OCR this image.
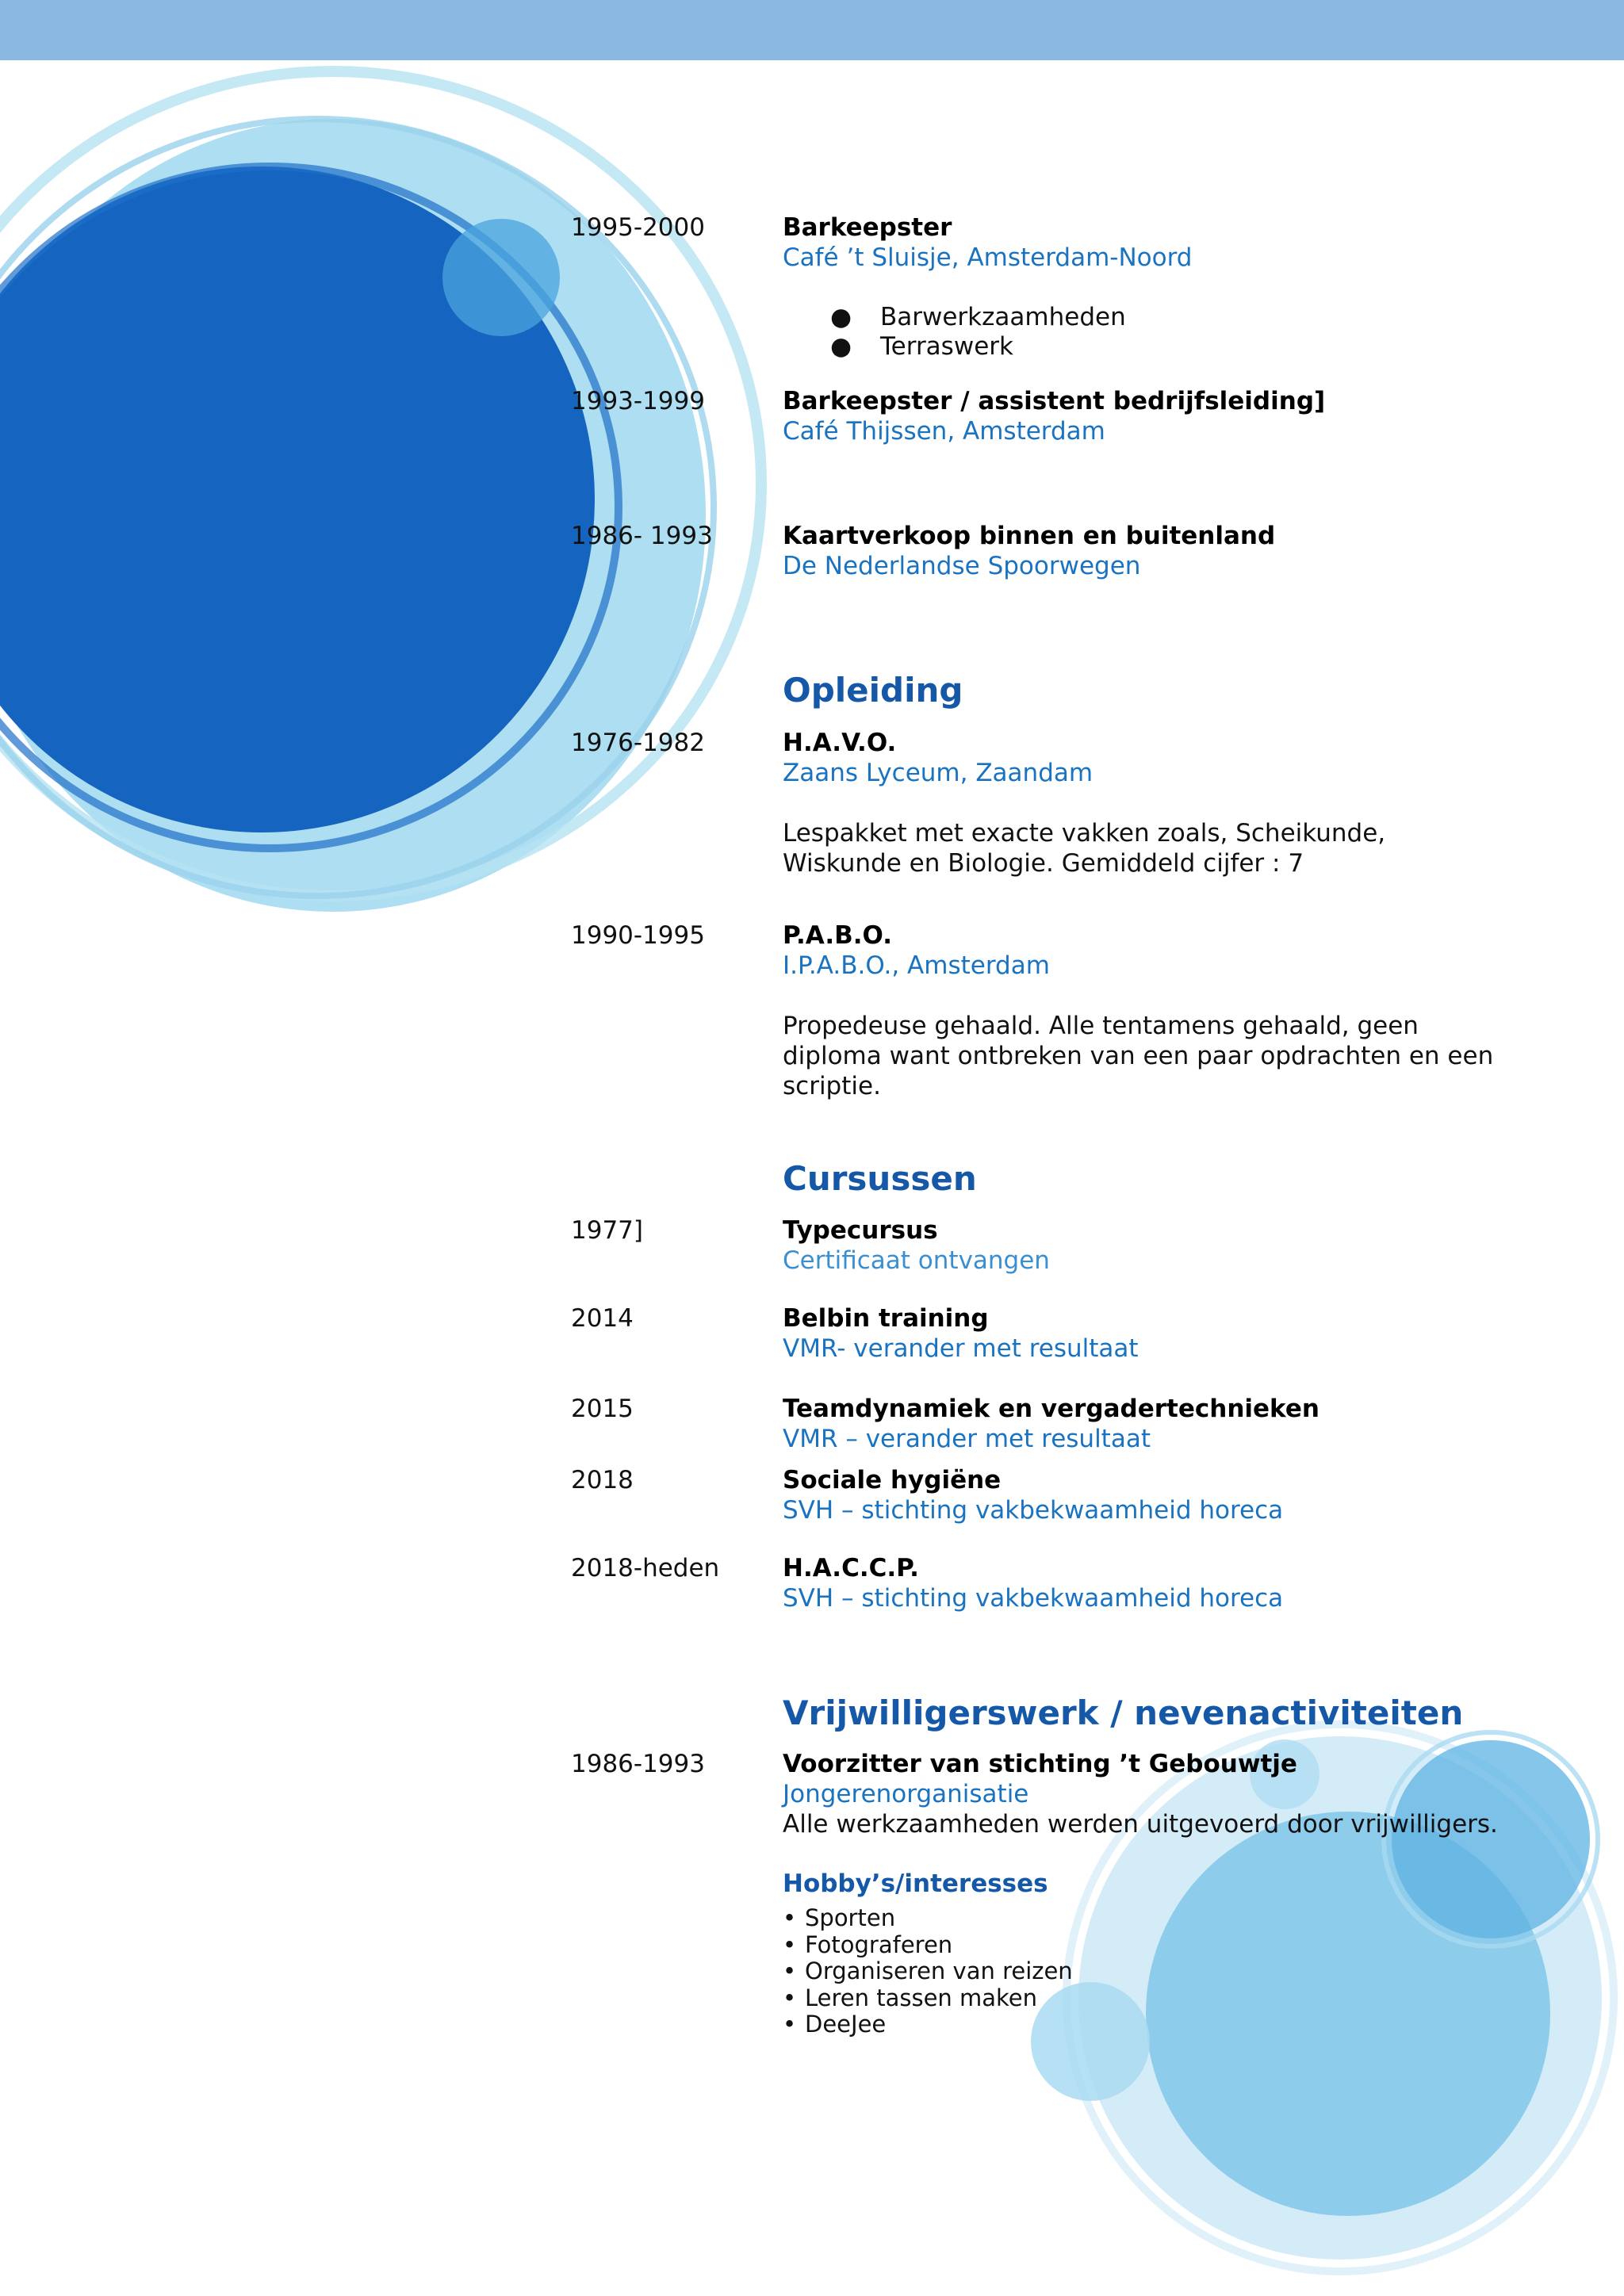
1995-2000	Barkeepster
Café ’t Sluisje, Amsterdam-Noord
● Barwerkzaamheden
● Terraswerk
1993-1999	Barkeepster / assistent bedrijfsleiding]
Café Thijssen, Amsterdam
1986- 1993	Kaartverkoop binnen en buitenland
De Nederlandse Spoorwegen
Opleiding
1976-1982	H.A.V.O.
Zaans Lyceum, Zaandam
Lespakket met exacte vakken zoals, Scheikunde,
Wiskunde en Biologie. Gemiddeld cijfer : 7
1990-1995	P.A.B.O.
I.P.A.B.O., Amsterdam
Propedeuse gehaald. Alle tentamens gehaald, geen
diploma want ontbreken van een paar opdrachten en een
scriptie.
Cursussen
1977]	Typecursus
Certificaat ontvangen
2014	Belbin training
VMR- verander met resultaat
2015	Teamdynamiek en vergadertechnieken
VMR – verander met resultaat
2018	Sociale hygiëne
SVH – stichting vakbekwaamheid horeca
2018-heden	H.A.C.C.P.
SVH – stichting vakbekwaamheid horeca
Vrijwilligerswerk / nevenactiviteiten
1986-1993	Voorzitter van stichting ’t Gebouwtje
Jongerenorganisatie
Alle werkzaamheden werden uitgevoerd door vrijwilligers.
Hobby’s/interesses
• Sporten
• Fotograferen
• Organiseren van reizen
• Leren tassen maken
• DeeJee
